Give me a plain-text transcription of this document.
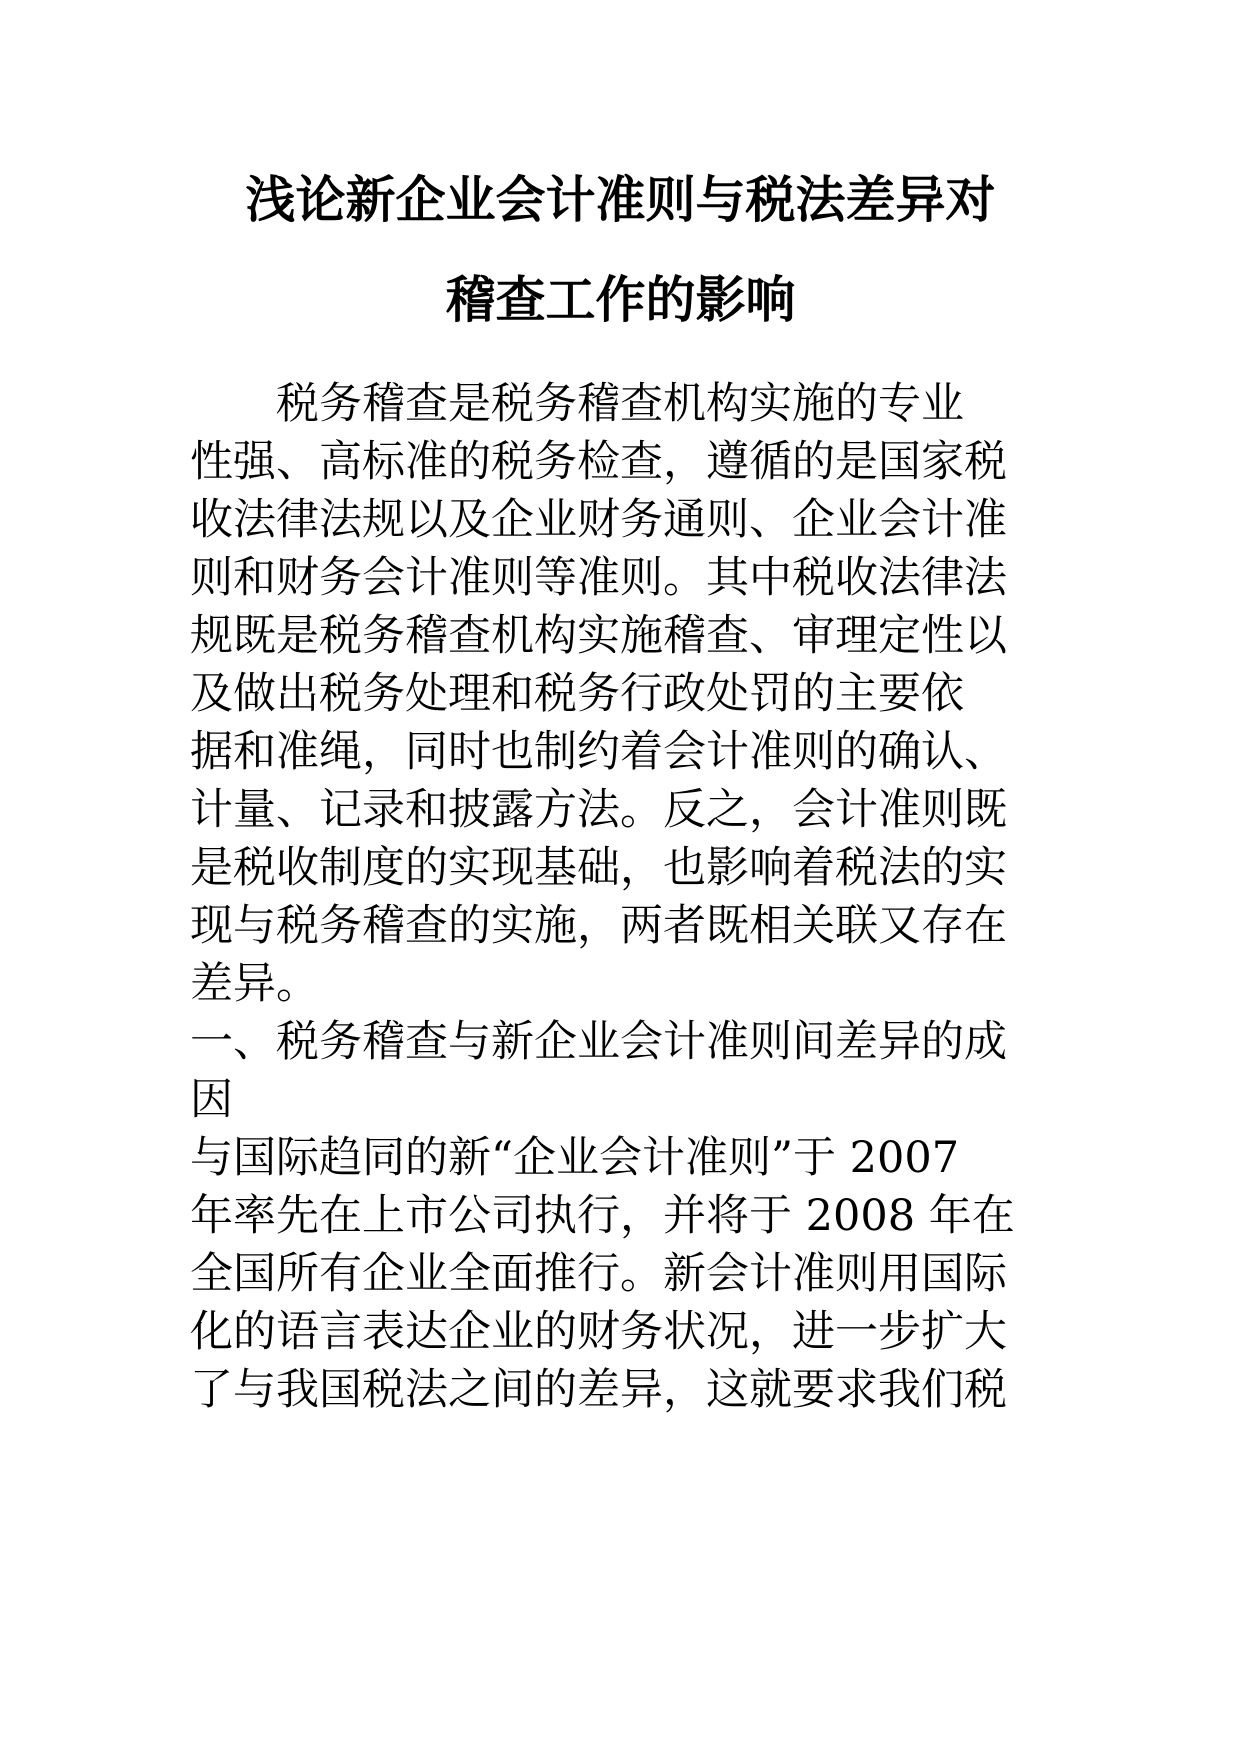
浅论新企业会计准则与税法差异对
稽查工作的影响
税务稽查是税务稽查机构实施的专业
性强、高标准的税务检查，遵循的是国家税
收法律法规以及企业财务通则、企业会计准
则和财务会计准则等准则。其中税收法律法
规既是税务稽查机构实施稽查、审理定性以
及做出税务处理和税务行政处罚的主要依
据和准绳，同时也制约着会计准则的确认、
计量、记录和披露方法。反之，会计准则既
是税收制度的实现基础，也影响着税法的实
现与税务稽查的实施，两者既相关联又存在
差异。
一、税务稽查与新企业会计准则间差异的成
因
与国际趋同的新“企业会计准则”于 2007
年率先在上市公司执行，并将于 2008 年在
全国所有企业全面推行。新会计准则用国际
化的语言表达企业的财务状况，进一步扩大
了与我国税法之间的差异，这就要求我们税
